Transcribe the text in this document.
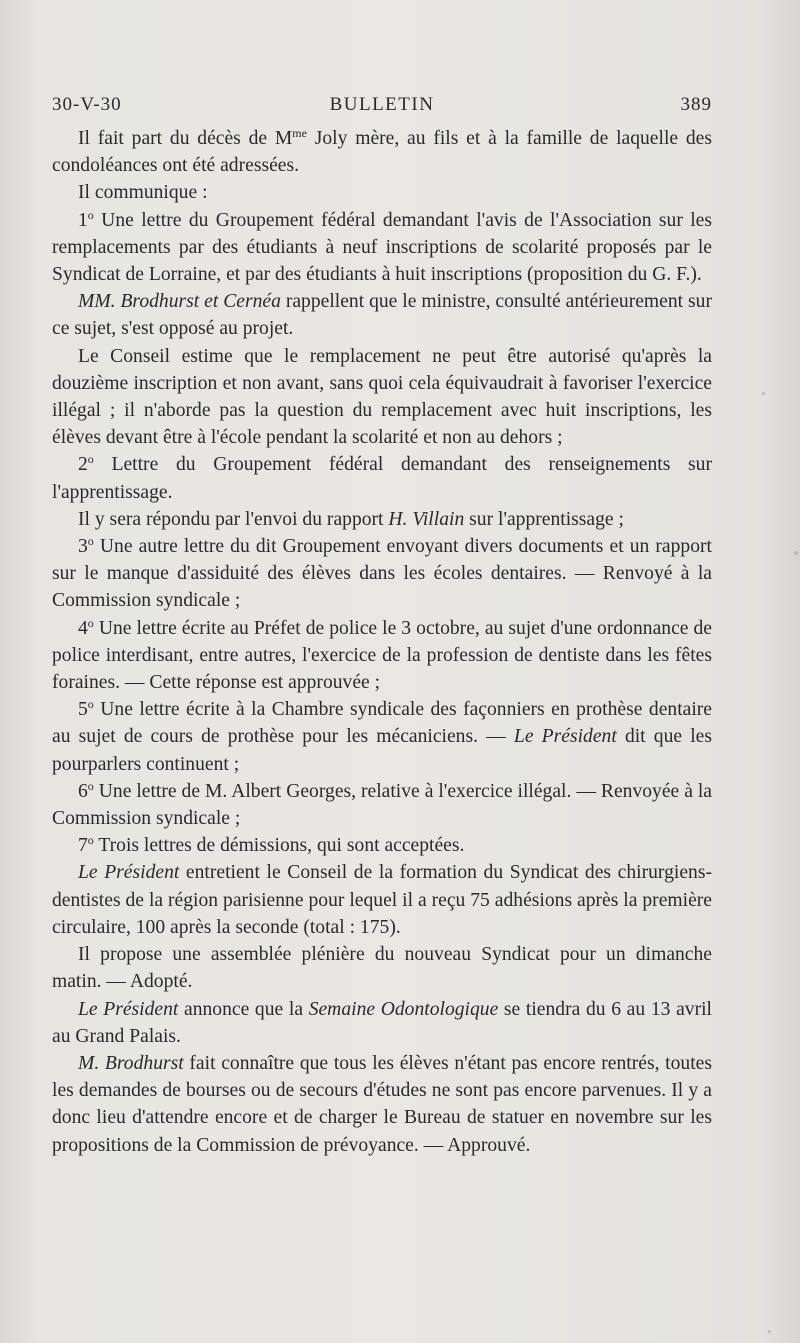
30-V-30	BULLETIN	389

Il fait part du décès de $M^{me}$ Joly mère, au fils et à la famille de laquelle des condoléances ont été adressées.

Il communique :

1$^o$ Une lettre du Groupement fédéral demandant l'avis de l'Association sur les remplacements par des étudiants à neuf inscriptions de scolarité proposés par le Syndicat de Lorraine, et par des étudiants à huit inscriptions (proposition du G. F.).

MM. Brodhurst et Cernéa rappellent que le ministre, consulté antérieurement sur ce sujet, s'est opposé au projet.

Le Conseil estime que le remplacement ne peut être autorisé qu'après la douzième inscription et non avant, sans quoi cela équivaudrait à favoriser l'exercice illégal ; il n'aborde pas la question du remplacement avec huit inscriptions, les élèves devant être à l'école pendant la scolarité et non au dehors ;

2$^o$ Lettre du Groupement fédéral demandant des renseignements sur l'apprentissage.

Il y sera répondu par l'envoi du rapport H. Villain sur l'apprentissage ;

3$^o$ Une autre lettre du dit Groupement envoyant divers documents et un rapport sur le manque d'assiduité des élèves dans les écoles dentaires. — Renvoyé à la Commission syndicale ;

4$^o$ Une lettre écrite au Préfet de police le 3 octobre, au sujet d'une ordonnance de police interdisant, entre autres, l'exercice de la profession de dentiste dans les fêtes foraines. — Cette réponse est approuvée ;

5$^o$ Une lettre écrite à la Chambre syndicale des façonniers en prothèse dentaire au sujet de cours de prothèse pour les mécaniciens. — Le Président dit que les pourparlers continuent ;

6$^o$ Une lettre de M. Albert Georges, relative à l'exercice illégal. — Renvoyée à la Commission syndicale ;

7$^o$ Trois lettres de démissions, qui sont acceptées.

Le Président entretient le Conseil de la formation du Syndicat des chirurgiens-dentistes de la région parisienne pour lequel il a reçu 75 adhésions après la première circulaire, 100 après la seconde (total : 175).

Il propose une assemblée plénière du nouveau Syndicat pour un dimanche matin. — Adopté.

Le Président annonce que la Semaine Odontologique se tiendra du 6 au 13 avril au Grand Palais.

M. Brodhurst fait connaître que tous les élèves n'étant pas encore rentrés, toutes les demandes de bourses ou de secours d'études ne sont pas encore parvenues. Il y a donc lieu d'attendre encore et de charger le Bureau de statuer en novembre sur les propositions de la Commission de prévoyance. — Approuvé.
